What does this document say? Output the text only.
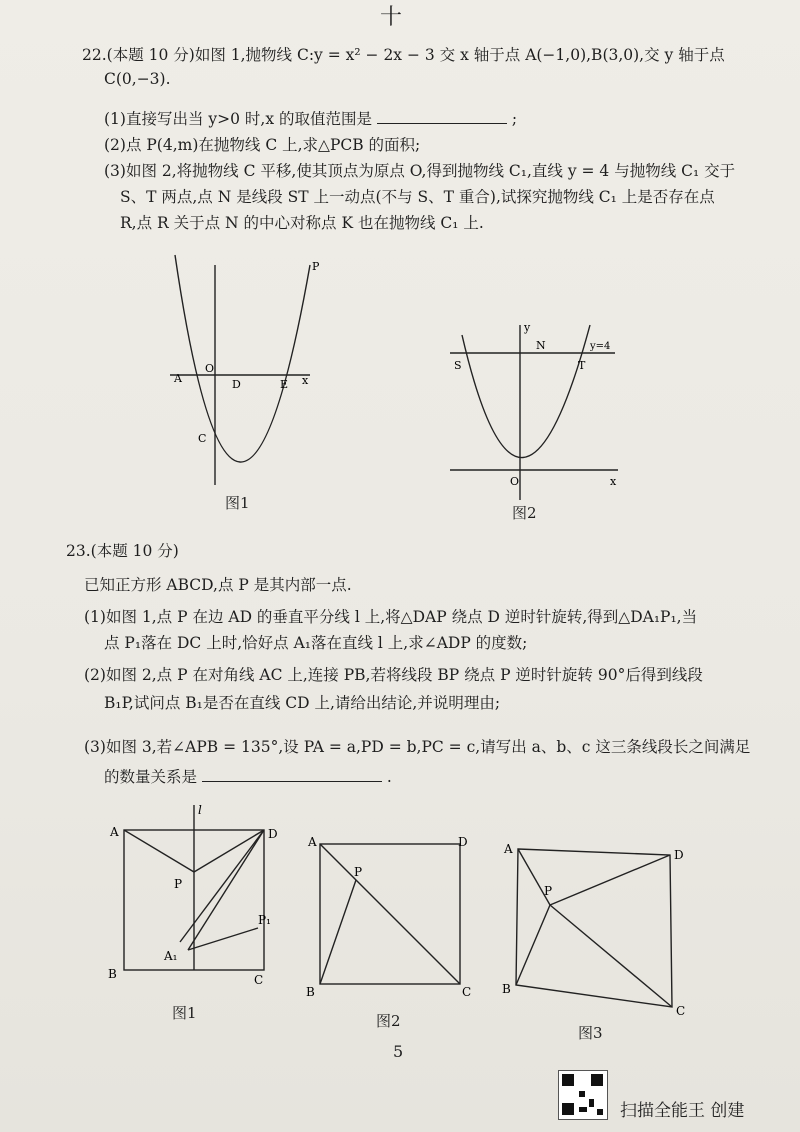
十
22.(本题 10 分)如图 1,抛物线 C:y = x² − 2x − 3 交 x 轴于点 A(−1,0),B(3,0),交 y 轴于点
C(0,−3).
(1)直接写出当 y>0 时,x 的取值范围是	;
(2)点 P(4,m)在抛物线 C 上,求△PCB 的面积;
(3)如图 2,将抛物线 C 平移,使其顶点为原点 O,得到抛物线 C₁,直线 y = 4 与抛物线 C₁ 交于
S、T 两点,点 N 是线段 ST 上一动点(不与 S、T 重合),试探究抛物线 C₁ 上是否存在点
R,点 R 关于点 N 的中心对称点 K 也在抛物线 C₁ 上.
A
O
D	E x
C
P
图1
y
N
S	T
y=4
O	x
图2
23.(本题 10 分)
已知正方形 ABCD,点 P 是其内部一点.
(1)如图 1,点 P 在边 AD 的垂直平分线 l 上,将△DAP 绕点 D 逆时针旋转,得到△DA₁P₁,当
点 P₁落在 DC 上时,恰好点 A₁落在直线 l 上,求∠ADP 的度数;
(2)如图 2,点 P 在对角线 AC 上,连接 PB,若将线段 BP 绕点 P 逆时针旋转 90°后得到线段
B₁P,试问点 B₁是否在直线 CD 上,请给出结论,并说明理由;
(3)如图 3,若∠APB = 135°,设 PA = a,PD = b,PC = c,请写出 a、b、c 这三条线段长之间满足
的数量关系是	.
l
A	D
P
P₁
A₁
B	C
图1
A	D
P
B	C
图2
A	D
P
B
C
图3
5
扫描全能王 创建
